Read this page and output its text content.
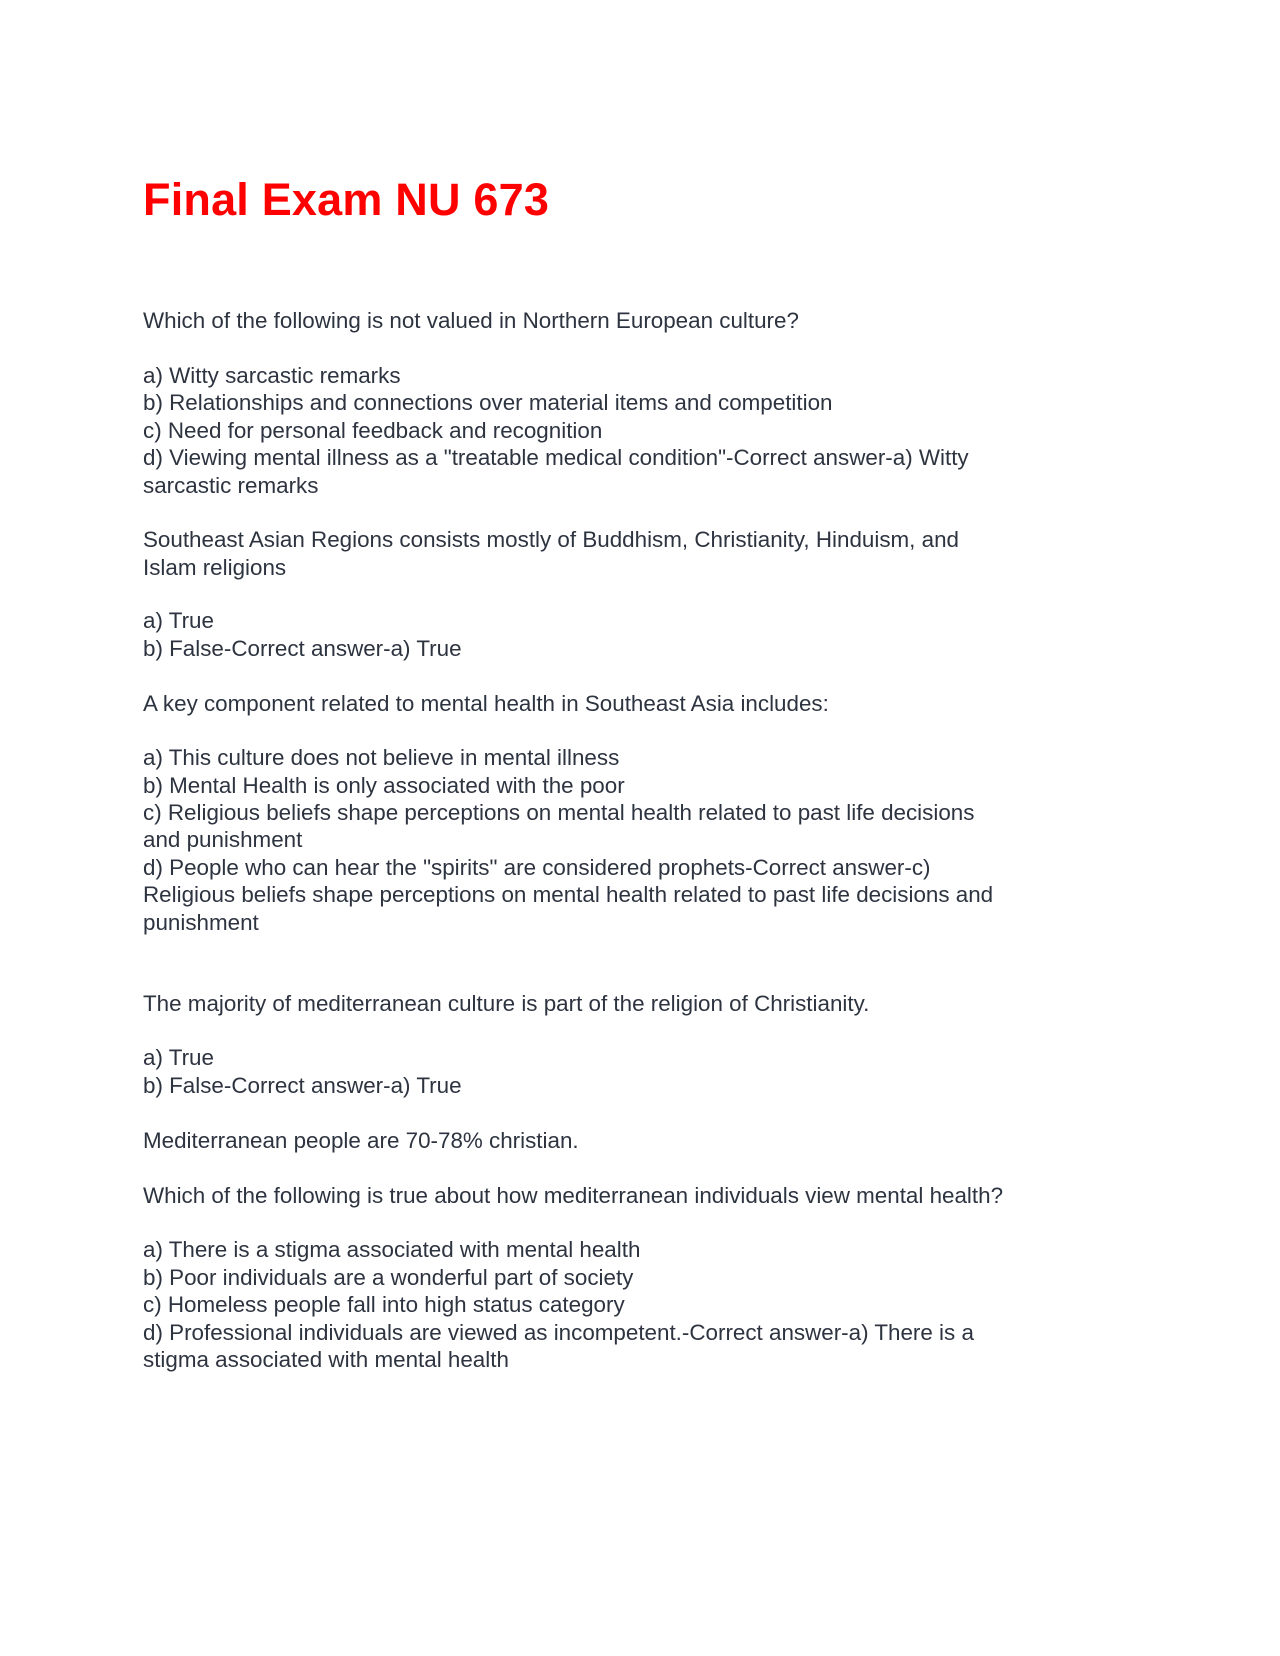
Final Exam NU 673

Which of the following is not valued in Northern European culture?

a) Witty sarcastic remarks

b) Relationships and connections over material items and competition

c) Need for personal feedback and recognition

d) Viewing mental illness as a "treatable medical condition"-Correct answer-a) Witty

sarcastic remarks

Southeast Asian Regions consists mostly of Buddhism, Christianity, Hinduism, and

Islam religions

a) True

b) False-Correct answer-a) True

A key component related to mental health in Southeast Asia includes:

a) This culture does not believe in mental illness

b) Mental Health is only associated with the poor

c) Religious beliefs shape perceptions on mental health related to past life decisions

and punishment

d) People who can hear the "spirits" are considered prophets-Correct answer-c)

Religious beliefs shape perceptions on mental health related to past life decisions and

punishment

The majority of mediterranean culture is part of the religion of Christianity.

a) True

b) False-Correct answer-a) True

Mediterranean people are 70-78% christian.

Which of the following is true about how mediterranean individuals view mental health?

a) There is a stigma associated with mental health

b) Poor individuals are a wonderful part of society

c) Homeless people fall into high status category

d) Professional individuals are viewed as incompetent.-Correct answer-a) There is a

stigma associated with mental health
